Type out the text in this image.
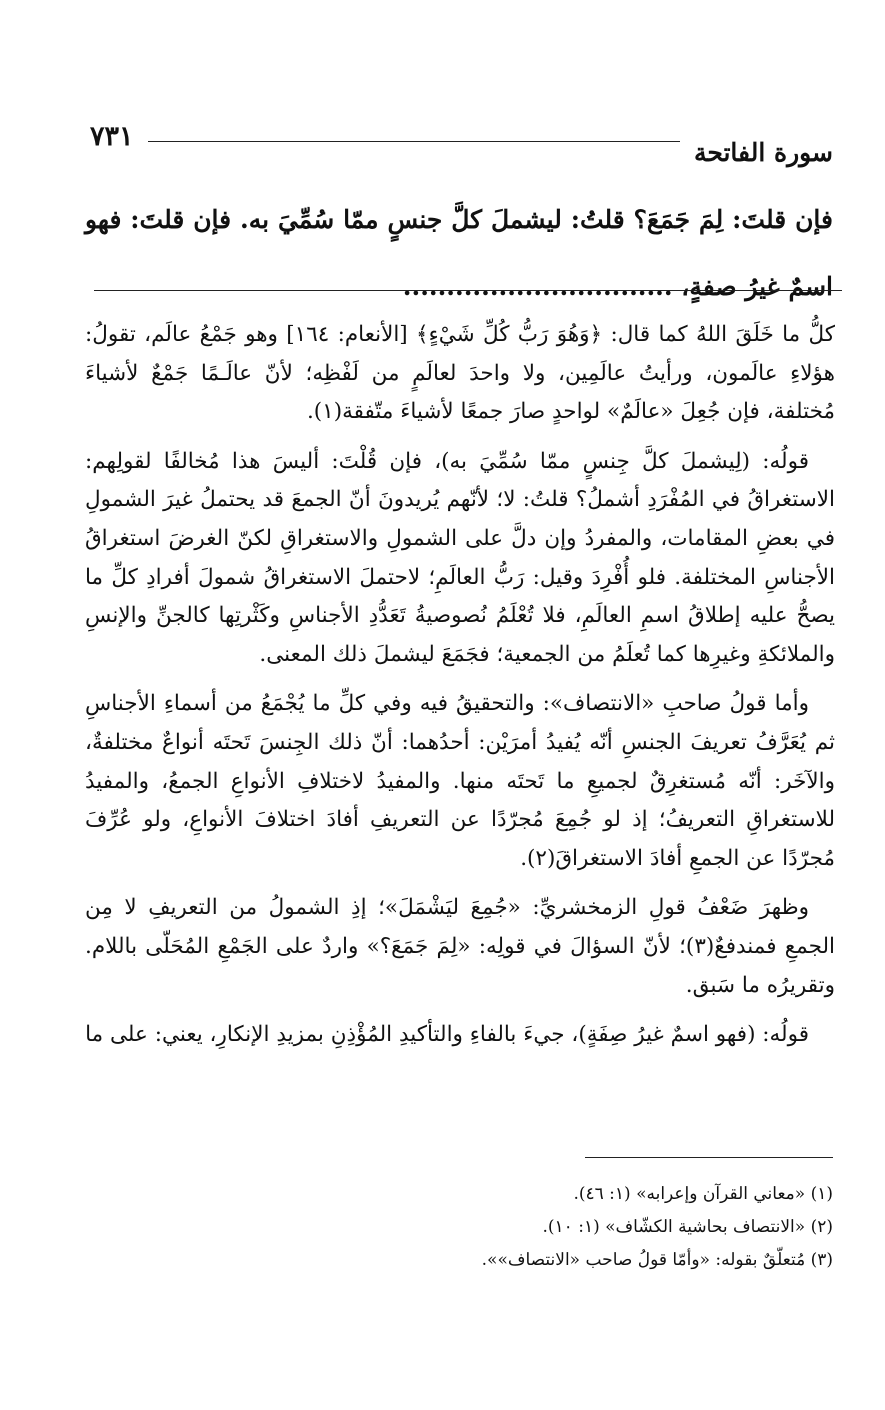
سورة الفاتحة
٧٣١
فإن قلتَ: لِمَ جَمَعَ؟ قلتُ: ليشملَ كلَّ جنسٍ ممّا سُمِّيَ به. فإن قلتَ: فهو اسمٌ غيرُ صفةٍ، ...............................

كلُّ ما خَلَقَ اللهُ كما قال: ﴿وَهُوَ رَبُّ كُلِّ شَيْءٍ﴾ [الأنعام: ١٦٤] وهو جَمْعُ عالَم، تقولُ: هؤلاءِ عالَمون، ورأيتُ عالَمِين، ولا واحدَ لعالَمٍ من لَفْظِه؛ لأنّ عالَـمًا جَمْعٌ لأشياءَ مُختلفة، فإن جُعِلَ «عالَمٌ» لواحدٍ صارَ جمعًا لأشياءَ متّفقة(١).

قولُه: (لِيشملَ كلَّ جِنسٍ ممّا سُمِّيَ به)، فإن قُلْتَ: أليسَ هذا مُخالفًا لقولِهم: الاستغراقُ في المُفْرَدِ أشملُ؟ قلتُ: لا؛ لأنّهم يُريدونَ أنّ الجمعَ قد يحتملُ غيرَ الشمولِ في بعضِ المقامات، والمفردُ وإن دلَّ على الشمولِ والاستغراقِ لكنّ الغرضَ استغراقُ الأجناسِ المختلفة. فلو أُفْرِدَ وقيل: رَبُّ العالَمِ؛ لاحتملَ الاستغراقُ شمولَ أفرادِ كلِّ ما يصحُّ عليه إطلاقُ اسمِ العالَمِ، فلا تُعْلَمُ نُصوصيةُ تَعَدُّدِ الأجناسِ وكَثْرتِها كالجنِّ والإنسِ والملائكةِ وغيرِها كما تُعلَمُ من الجمعية؛ فجَمَعَ ليشملَ ذلك المعنى.

وأما قولُ صاحبِ «الانتصاف»: والتحقيقُ فيه وفي كلِّ ما يُجْمَعُ من أسماءِ الأجناسِ ثم يُعَرَّفُ تعريفَ الجنسِ أنّه يُفيدُ أمرَيْن: أحدُهما: أنّ ذلك الجِنسَ تَحتَه أنواعٌ مختلفةٌ، والآخَر: أنّه مُستغرِقٌ لجميعِ ما تَحتَه منها. والمفيدُ لاختلافِ الأنواعِ الجمعُ، والمفيدُ للاستغراقِ التعريفُ؛ إذ لو جُمِعَ مُجرّدًا عن التعريفِ أفادَ اختلافَ الأنواعِ، ولو عُرِّفَ مُجرّدًا عن الجمعِ أفادَ الاستغراقَ(٢).

وظهرَ ضَعْفُ قولِ الزمخشريِّ: «جُمِعَ ليَشْمَلَ»؛ إذِ الشمولُ من التعريفِ لا مِن الجمعِ فمندفعٌ(٣)؛ لأنّ السؤالَ في قولِه: «لِمَ جَمَعَ؟» واردٌ على الجَمْعِ المُحَلّى باللام. وتقريرُه ما سَبق.

قولُه: (فهو اسمٌ غيرُ صِفَةٍ)، جيءَ بالفاءِ والتأكيدِ المُؤْذِنِ بمزيدِ الإنكارِ، يعني: على ما

(١) «معاني القرآن وإعرابه» (١: ٤٦).
(٢) «الانتصاف بحاشية الكشّاف» (١: ١٠).
(٣) مُتعلّقٌ بقوله: «وأمّا قولُ صاحب «الانتصاف»».
